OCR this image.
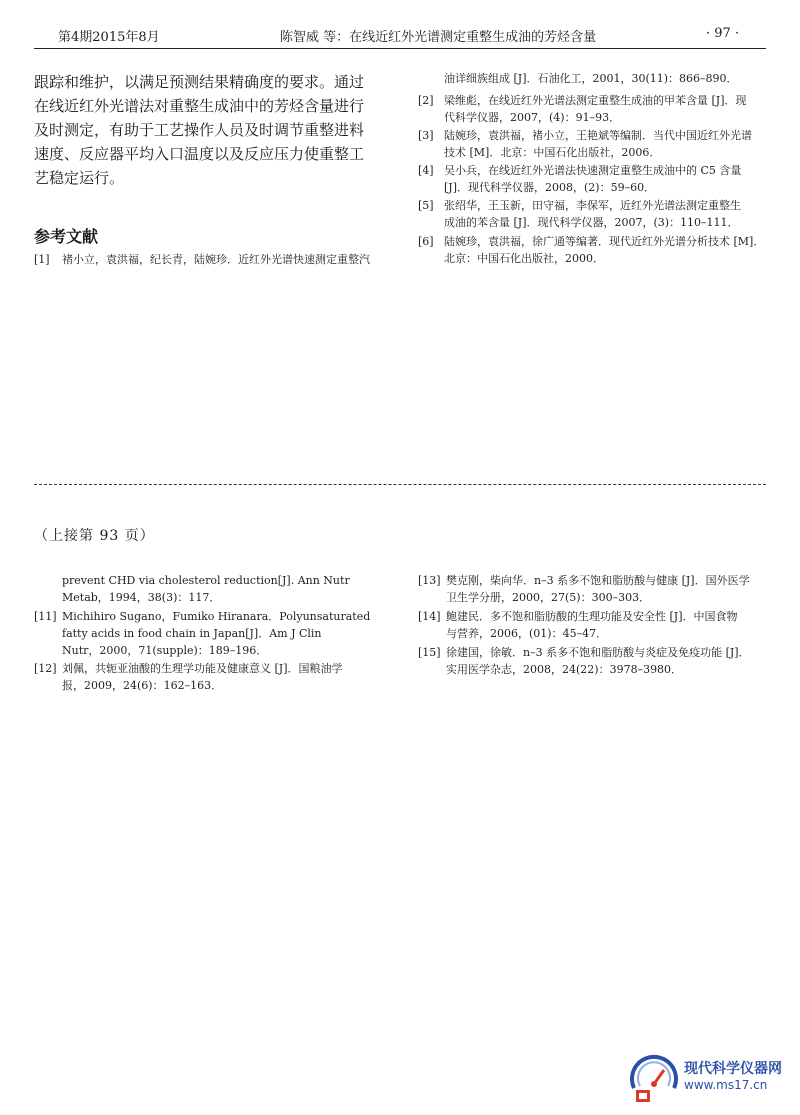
第4期2015年8月	陈智威 等：在线近红外光谱测定重整生成油的芳烃含量	· 97 ·
跟踪和维护，以满足预测结果精确度的要求。通过
在线近红外光谱法对重整生成油中的芳烃含量进行
及时测定，有助于工艺操作人员及时调节重整进料
速度、反应器平均入口温度以及反应压力使重整工
艺稳定运行。
参考文献
[1]	褚小立，袁洪福，纪长青，陆婉珍．近红外光谱快速测定重整汽
油详细族组成 [J]．石油化工，2001，30(11)：866–890．
[2] 梁维彪，在线近红外光谱法测定重整生成油的甲苯含量 [J]．现
代科学仪器，2007，(4)：91–93．
[3] 陆婉珍，袁洪福，褚小立，王艳斌等编制．当代中国近红外光谱
技术 [M]．北京：中国石化出版社，2006．
[4] 吴小兵，在线近红外光谱法快速测定重整生成油中的 C5 含量
[J]．现代科学仪器，2008，(2)：59–60．
[5] 张绍华，王玉新，田守福，李保军，近红外光谱法测定重整生
成油的苯含量 [J]．现代科学仪器，2007，(3)：110–111．
[6] 陆婉珍，袁洪福，徐广通等编著．现代近红外光谱分析技术 [M]．
北京：中国石化出版社，2000．
（上接第 93 页）
prevent CHD via cholesterol reduction[J]. Ann Nutr
Metab，1994，38(3)：117．
[11] Michihiro Sugano，Fumiko Hiranara．Polyunsaturated
fatty acids in food chain in Japan[J]．Am J Clin
Nutr，2000，71(supple)：189–196．
[12] 刘佩，共轭亚油酸的生理学功能及健康意义 [J]．国粮油学
报，2009，24(6)：162–163．
[13] 樊克刚，柴向华．n–3 系多不饱和脂肪酸与健康 [J]．国外医学
卫生学分册，2000，27(5)：300–303．
[14] 鲍建民．多不饱和脂肪酸的生理功能及安全性 [J]．中国食物
与营养，2006，(01)：45–47．
[15] 徐建国，徐敏．n–3 系多不饱和脂肪酸与炎症及免疫功能 [J]．
实用医学杂志，2008，24(22)：3978–3980．
现代科学仪器网
www.ms17.cn
